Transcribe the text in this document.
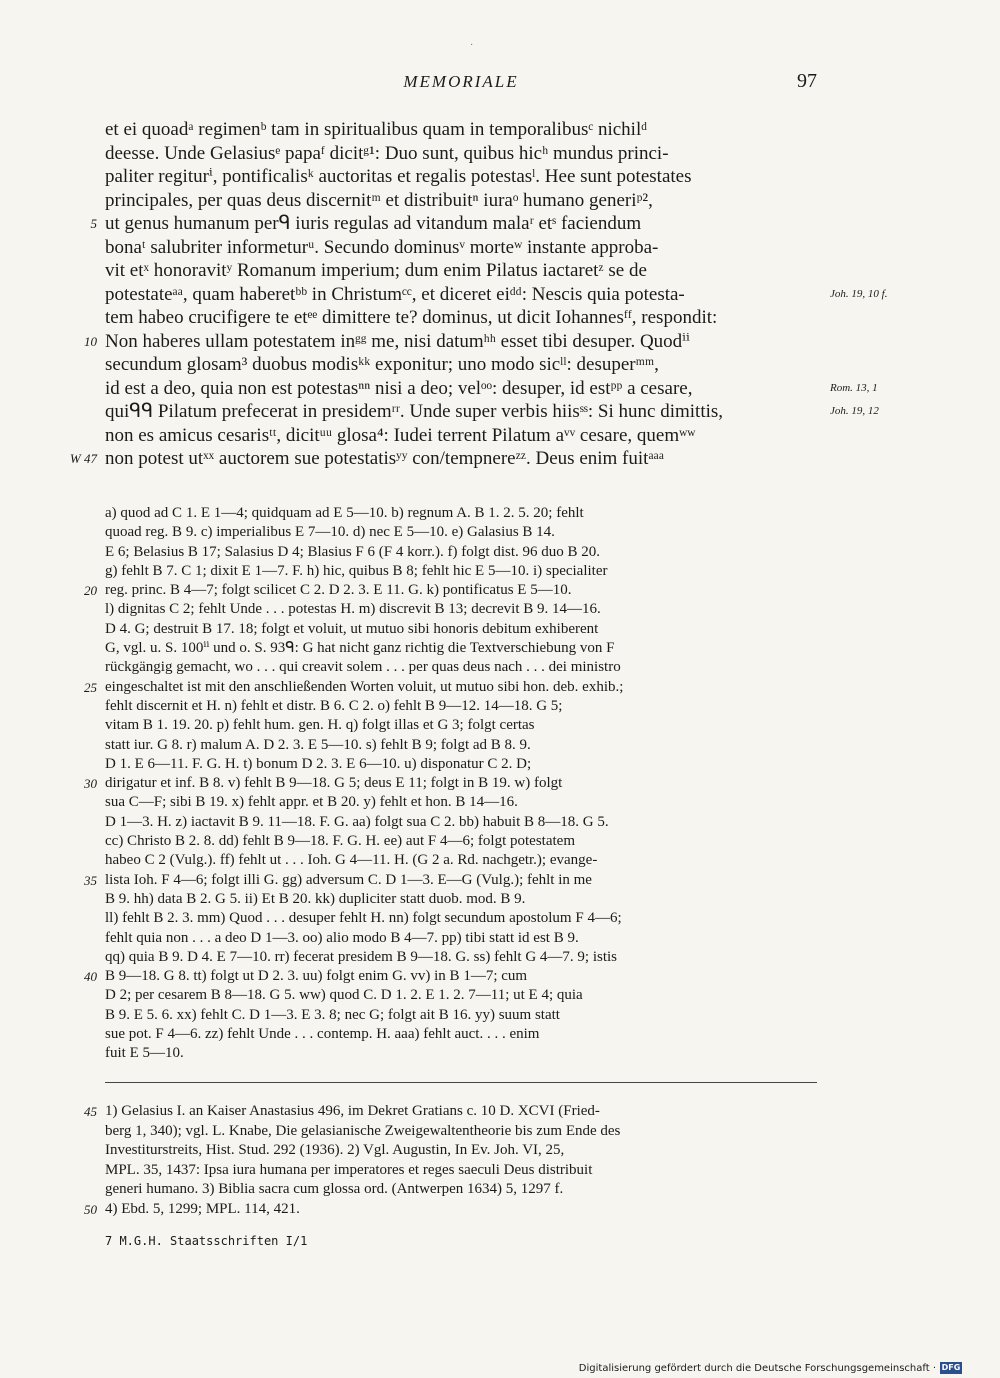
·
MEMORIALE	97
et ei quoadᵃ regimenᵇ tam in spiritualibus quam in temporalibusᶜ nichilᵈ
deesse. Unde Gelasiusᵉ papaᶠ dicitᵍ¹: Duo sunt, quibus hicʰ mundus princi-
paliter regiturⁱ, pontificalisᵏ auctoritas et regalis potestasˡ. Hee sunt potestates
principales, per quas deus discernitᵐ et distribuitⁿ iuraᵒ humano generiᵖ²,
5 ut genus humanum perᑫ iuris regulas ad vitandum malaʳ etˢ faciendum
bonaᵗ salubriter informeturᵘ. Secundo dominusᵛ morteʷ instante approba-
vit etˣ honoravitʸ Romanum imperium; dum enim Pilatus iactaretᶻ se de
potestateᵃᵃ, quam haberetᵇᵇ in Christumᶜᶜ, et diceret eiᵈᵈ: Nescis quia potesta-	Joh. 19, 10 f.
tem habeo crucifigere te etᵉᵉ dimittere te? dominus, ut dicit Iohannesᶠᶠ, respondit:
10 Non haberes ullam potestatem inᵍᵍ me, nisi datumʰʰ esset tibi desuper. Quodⁱⁱ
secundum glosam³ duobus modisᵏᵏ exponitur; uno modo sicˡˡ: desuperᵐᵐ,
id est a deo, quia non est potestasⁿⁿ nisi a deo; velᵒᵒ: desuper, id estᵖᵖ a cesare,	Rom. 13, 1
quiᑫᑫ Pilatum prefecerat in presidemʳʳ. Unde super verbis hiisˢˢ: Si hunc dimittis,	Joh. 19, 12
non es amicus cesarisᵗᵗ, dicitᵘᵘ glosa⁴: Iudei terrent Pilatum aᵛᵛ cesare, quemʷʷ
W 47 non potest utˣˣ auctorem sue potestatisʸʸ con/tempnereᶻᶻ. Deus enim fuitᵃᵃᵃ
a) quod ad C 1. E 1—4; quidquam ad E 5—10. b) regnum A. B 1. 2. 5. 20; fehlt
quoad reg. B 9. c) imperialibus E 7—10. d) nec E 5—10. e) Galasius B 14.
E 6; Belasius B 17; Salasius D 4; Blasius F 6 (F 4 korr.). f) folgt dist. 96 duo B 20.
g) fehlt B 7. C 1; dixit E 1—7. F. h) hic, quibus B 8; fehlt hic E 5—10. i) specialiter
20 reg. princ. B 4—7; folgt scilicet C 2. D 2. 3. E 11. G. k) pontificatus E 5—10.
l) dignitas C 2; fehlt Unde . . . potestas H. m) discrevit B 13; decrevit B 9. 14—16.
D 4. G; destruit B 17. 18; folgt et voluit, ut mutuo sibi honoris debitum exhiberent
G, vgl. u. S. 100ⁱⁱ und o. S. 93ᑫ: G hat nicht ganz richtig die Textverschiebung von F
rückgängig gemacht, wo . . . qui creavit solem . . . per quas deus nach . . . dei ministro
25 eingeschaltet ist mit den anschließenden Worten voluit, ut mutuo sibi hon. deb. exhib.;
fehlt discernit et H. n) fehlt et distr. B 6. C 2. o) fehlt B 9—12. 14—18. G 5;
vitam B 1. 19. 20. p) fehlt hum. gen. H. q) folgt illas et G 3; folgt certas
statt iur. G 8. r) malum A. D 2. 3. E 5—10. s) fehlt B 9; folgt ad B 8. 9.
D 1. E 6—11. F. G. H. t) bonum D 2. 3. E 6—10. u) disponatur C 2. D;
30 dirigatur et inf. B 8. v) fehlt B 9—18. G 5; deus E 11; folgt in B 19. w) folgt
sua C—F; sibi B 19. x) fehlt appr. et B 20. y) fehlt et hon. B 14—16.
D 1—3. H. z) iactavit B 9. 11—18. F. G. aa) folgt sua C 2. bb) habuit B 8—18. G 5.
cc) Christo B 2. 8. dd) fehlt B 9—18. F. G. H. ee) aut F 4—6; folgt potestatem
habeo C 2 (Vulg.). ff) fehlt ut . . . Ioh. G 4—11. H. (G 2 a. Rd. nachgetr.); evange-
35 lista Ioh. F 4—6; folgt illi G. gg) adversum C. D 1—3. E—G (Vulg.); fehlt in me
B 9. hh) data B 2. G 5. ii) Et B 20. kk) dupliciter statt duob. mod. B 9.
ll) fehlt B 2. 3. mm) Quod . . . desuper fehlt H. nn) folgt secundum apostolum F 4—6;
fehlt quia non . . . a deo D 1—3. oo) alio modo B 4—7. pp) tibi statt id est B 9.
qq) quia B 9. D 4. E 7—10. rr) fecerat presidem B 9—18. G. ss) fehlt G 4—7. 9; istis
40 B 9—18. G 8. tt) folgt ut D 2. 3. uu) folgt enim G. vv) in B 1—7; cum
D 2; per cesarem B 8—18. G 5. ww) quod C. D 1. 2. E 1. 2. 7—11; ut E 4; quia
B 9. E 5. 6. xx) fehlt C. D 1—3. E 3. 8; nec G; folgt ait B 16. yy) suum statt
sue pot. F 4—6. zz) fehlt Unde . . . contemp. H. aaa) fehlt auct. . . . enim
fuit E 5—10.
45 1) Gelasius I. an Kaiser Anastasius 496, im Dekret Gratians c. 10 D. XCVI (Fried-
berg 1, 340); vgl. L. Knabe, Die gelasianische Zweigewaltentheorie bis zum Ende des
Investiturstreits, Hist. Stud. 292 (1936). 2) Vgl. Augustin, In Ev. Joh. VI, 25,
MPL. 35, 1437: Ipsa iura humana per imperatores et reges saeculi Deus distribuit
generi humano. 3) Biblia sacra cum glossa ord. (Antwerpen 1634) 5, 1297 f.
50 4) Ebd. 5, 1299; MPL. 114, 421.
7 M.G.H. Staatsschriften I/1
Digitalisierung gefördert durch die Deutsche Forschungsgemeinschaft · DFG
